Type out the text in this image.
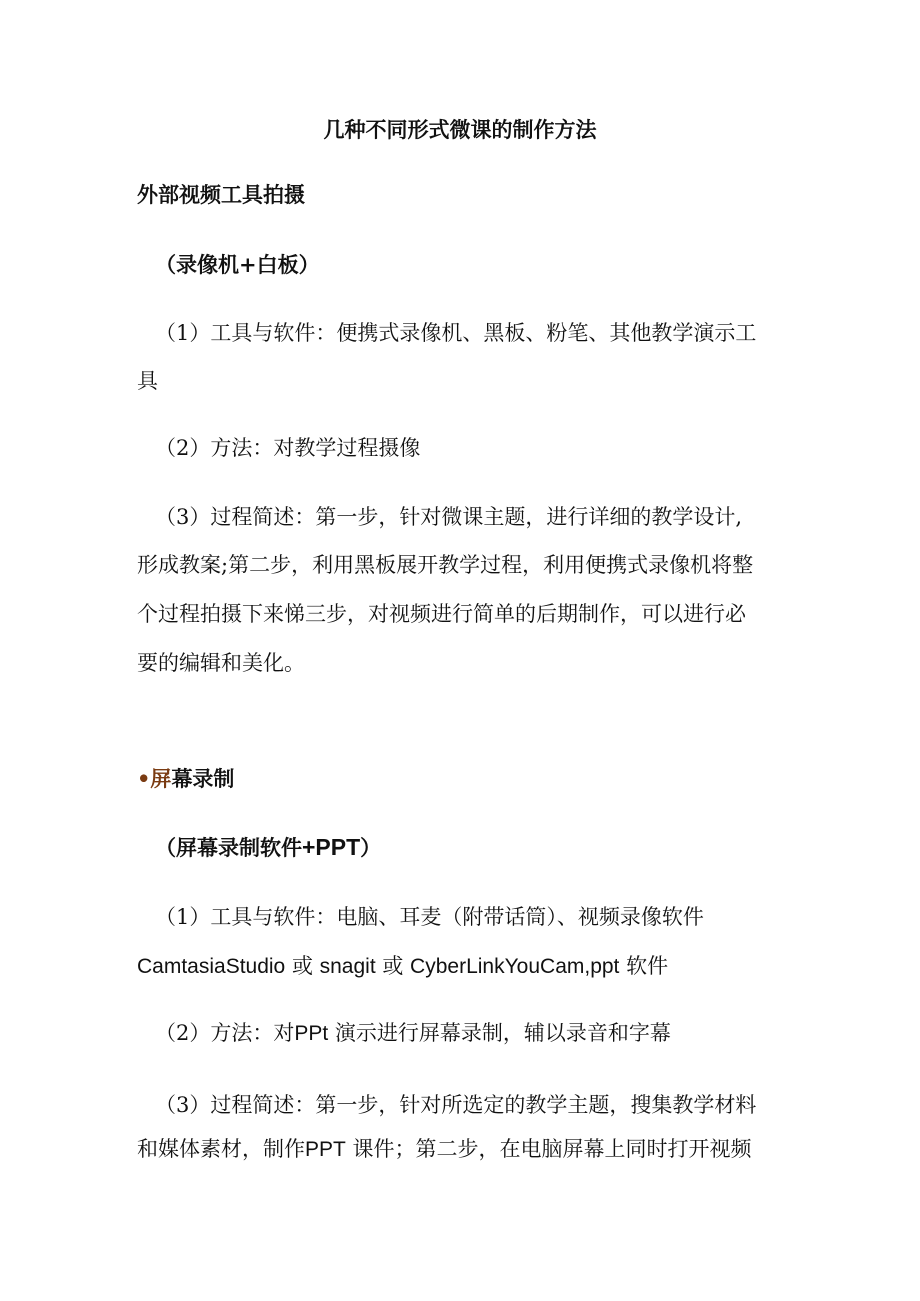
几种不同形式微课的制作方法

外部视频工具拍摄

（录像机+白板）

（1）工具与软件：便携式录像机、黑板、粉笔、其他教学演示工

具

（2）方法：对教学过程摄像

（3）过程简述：第一步，针对微课主题，进行详细的教学设计,

形成教案;第二步，利用黑板展开教学过程，利用便携式录像机将整

个过程拍摄下来悌三步，对视频进行简单的后期制作，可以进行必

要的编辑和美化。

•屏幕录制

（屏幕录制软件+PPT）

（1）工具与软件：电脑、耳麦（附带话筒）、视频录像软件

CamtasiaStudio 或 snagit 或 CyberLinkYouCam,ppt 软件

（2）方法：对PPt 演示进行屏幕录制，辅以录音和字幕

（3）过程简述：第一步，针对所选定的教学主题，搜集教学材料

和媒体素材，制作PPT 课件；第二步，在电脑屏幕上同时打开视频
